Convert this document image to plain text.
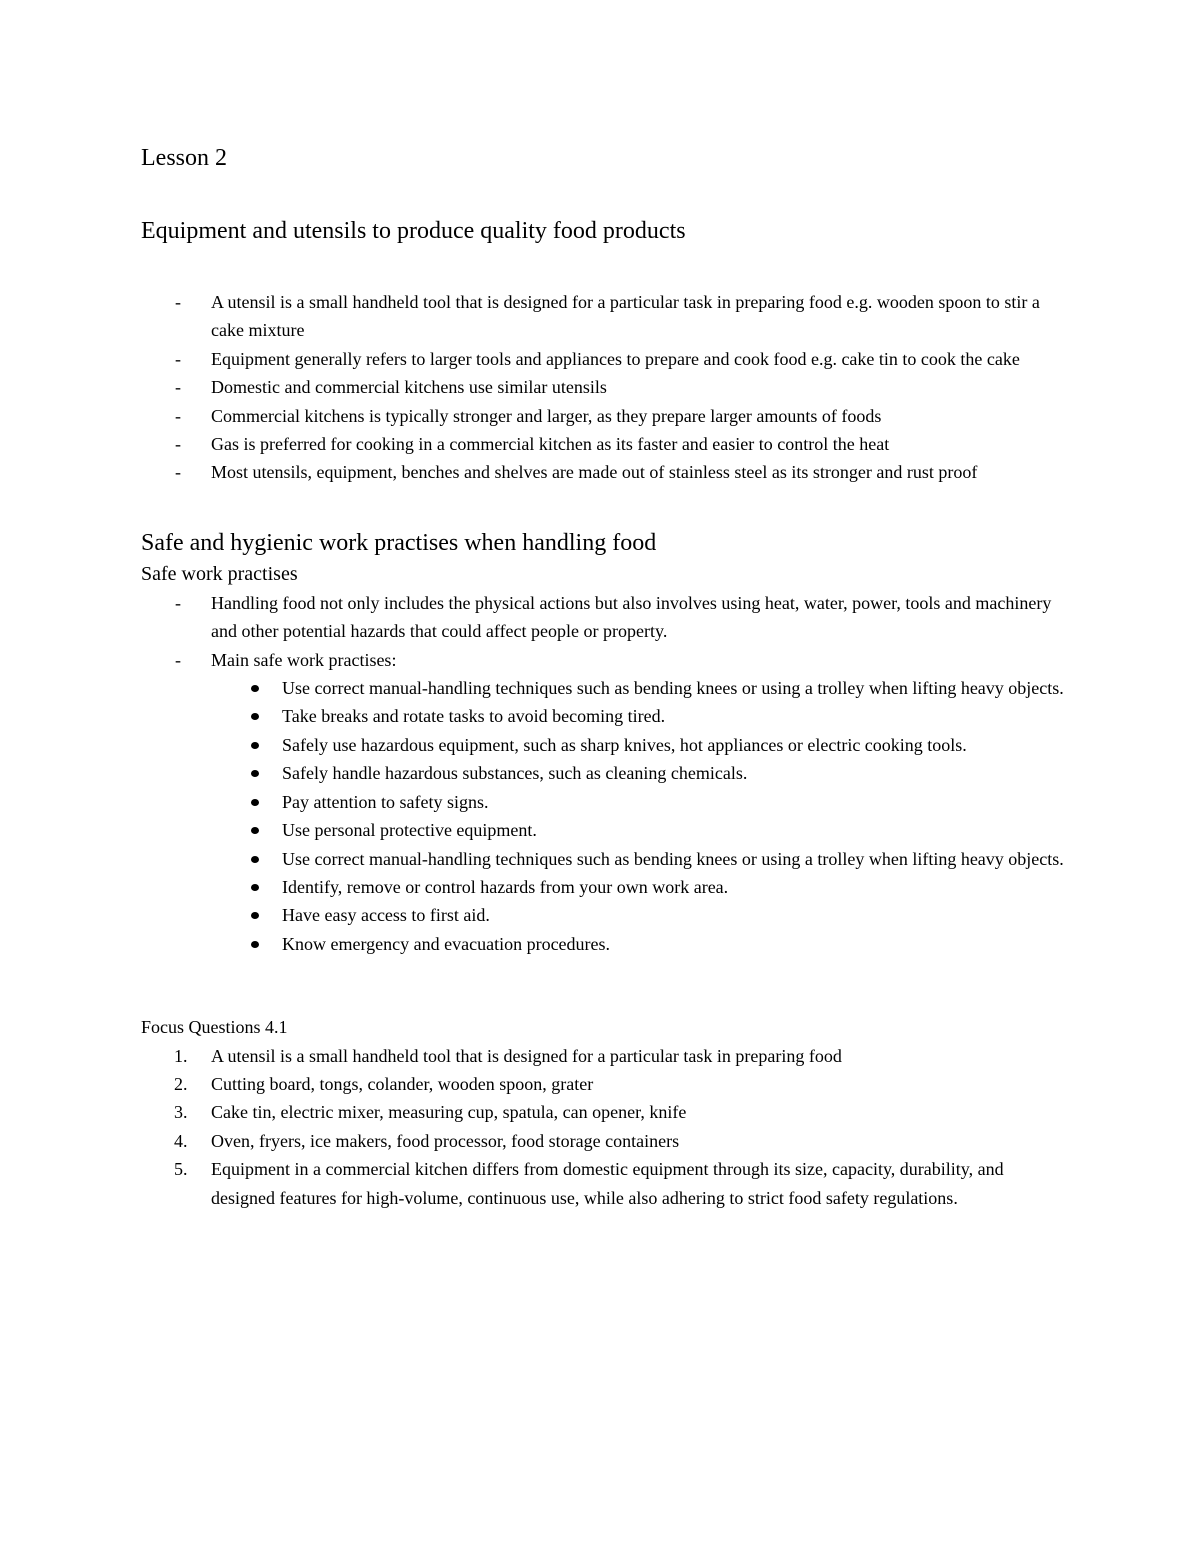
Lesson 2
Equipment and utensils to produce quality food products
- A utensil is a small handheld tool that is designed for a particular task in preparing food e.g. wooden spoon to stir a cake mixture
- Equipment generally refers to larger tools and appliances to prepare and cook food e.g. cake tin to cook the cake
- Domestic and commercial kitchens use similar utensils
- Commercial kitchens is typically stronger and larger, as they prepare larger amounts of foods
- Gas is preferred for cooking in a commercial kitchen as its faster and easier to control the heat
- Most utensils, equipment, benches and shelves are made out of stainless steel as its stronger and rust proof
Safe and hygienic work practises when handling food
Safe work practises
- Handling food not only includes the physical actions but also involves using heat, water, power, tools and machinery and other potential hazards that could affect people or property.
- Main safe work practises:
Use correct manual-handling techniques such as bending knees or using a trolley when lifting heavy objects.
Take breaks and rotate tasks to avoid becoming tired.
Safely use hazardous equipment, such as sharp knives, hot appliances or electric cooking tools.
Safely handle hazardous substances, such as cleaning chemicals.
Pay attention to safety signs.
Use personal protective equipment.
Use correct manual-handling techniques such as bending knees or using a trolley when lifting heavy objects.
Identify, remove or control hazards from your own work area.
Have easy access to first aid.
Know emergency and evacuation procedures.
Focus Questions 4.1
1. A utensil is a small handheld tool that is designed for a particular task in preparing food
2. Cutting board, tongs, colander, wooden spoon, grater
3. Cake tin, electric mixer, measuring cup, spatula, can opener, knife
4. Oven, fryers, ice makers, food processor, food storage containers
5. Equipment in a commercial kitchen differs from domestic equipment through its size, capacity, durability, and designed features for high-volume, continuous use, while also adhering to strict food safety regulations.
